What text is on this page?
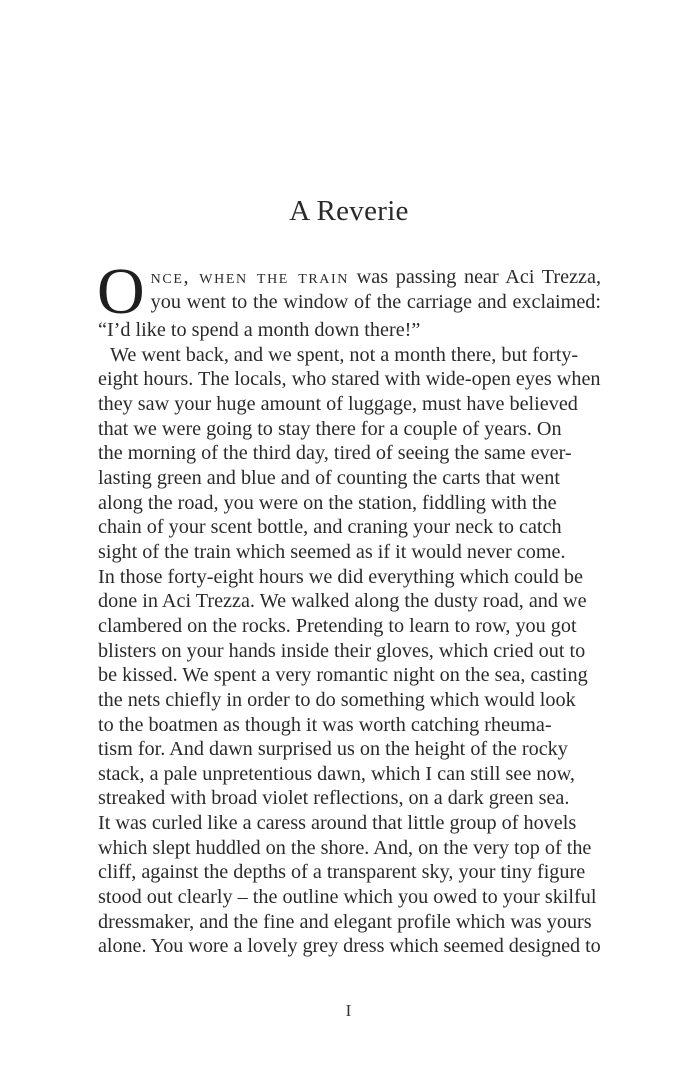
A Reverie

O nce, when the train was passing near Aci Trezza,
you went to the window of the carriage and exclaimed:
“I’d like to spend a month down there!”

We went back, and we spent, not a month there, but forty-
eight hours. The locals, who stared with wide-open eyes when
they saw your huge amount of luggage, must have believed
that we were going to stay there for a couple of years. On
the morning of the third day, tired of seeing the same ever-
lasting green and blue and of counting the carts that went
along the road, you were on the station, fiddling with the
chain of your scent bottle, and craning your neck to catch
sight of the train which seemed as if it would never come.
In those forty-eight hours we did everything which could be
done in Aci Trezza. We walked along the dusty road, and we
clambered on the rocks. Pretending to learn to row, you got
blisters on your hands inside their gloves, which cried out to
be kissed. We spent a very romantic night on the sea, casting
the nets chiefly in order to do something which would look
to the boatmen as though it was worth catching rheuma-
tism for. And dawn surprised us on the height of the rocky
stack, a pale unpretentious dawn, which I can still see now,
streaked with broad violet reflections, on a dark green sea.
It was curled like a caress around that little group of hovels
which slept huddled on the shore. And, on the very top of the
cliff, against the depths of a transparent sky, your tiny figure
stood out clearly – the outline which you owed to your skilful
dressmaker, and the fine and elegant profile which was yours
alone. You wore a lovely grey dress which seemed designed to
I
